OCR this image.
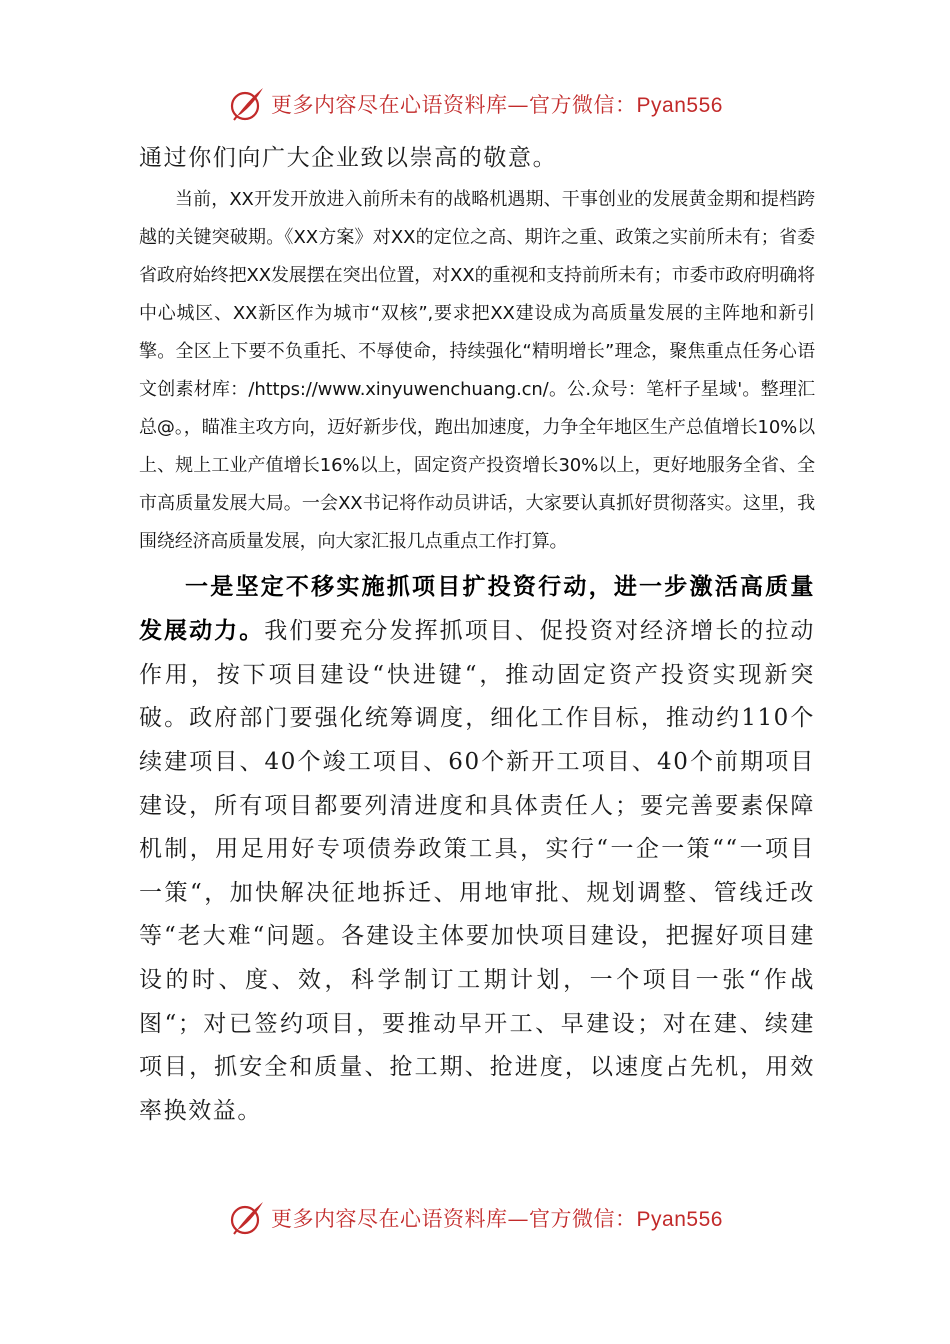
更多内容尽在心语资料库—官方微信：Pyan556

通过你们向广大企业致以崇高的敬意。

当前，XX开发开放进入前所未有的战略机遇期、干事创业的发展黄金期和提档跨越的关键突破期。《XX方案》对XX的定位之高、期许之重、政策之实前所未有；省委省政府始终把XX发展摆在突出位置，对XX的重视和支持前所未有；市委市政府明确将中心城区、XX新区作为城市“双核”,要求把XX建设成为高质量发展的主阵地和新引擎。全区上下要不负重托、不辱使命，持续强化“精明增长”理念，聚焦重点任务心语文创素材库：/https://www.xinyuwenchuang.cn/。公.众号：笔杆子星域'。整理汇总@。，瞄准主攻方向，迈好新步伐，跑出加速度，力争全年地区生产总值增长10%以上、规上工业产值增长16%以上，固定资产投资增长30%以上，更好地服务全省、全市高质量发展大局。一会XX书记将作动员讲话，大家要认真抓好贯彻落实。这里，我围绕经济高质量发展，向大家汇报几点重点工作打算。

一是坚定不移实施抓项目扩投资行动，进一步激活高质量发展动力。我们要充分发挥抓项目、促投资对经济增长的拉动作用，按下项目建设“快进键“，推动固定资产投资实现新突破。政府部门要强化统筹调度，细化工作目标，推动约110个续建项目、40个竣工项目、60个新开工项目、40个前期项目建设，所有项目都要列清进度和具体责任人；要完善要素保障机制，用足用好专项债券政策工具，实行“一企一策““一项目一策“，加快解决征地拆迁、用地审批、规划调整、管线迁改等“老大难“问题。各建设主体要加快项目建设，把握好项目建设的时、度、效，科学制订工期计划，一个项目一张“作战图“；对已签约项目，要推动早开工、早建设；对在建、续建项目，抓安全和质量、抢工期、抢进度，以速度占先机，用效率换效益。

更多内容尽在心语资料库—官方微信：Pyan556
